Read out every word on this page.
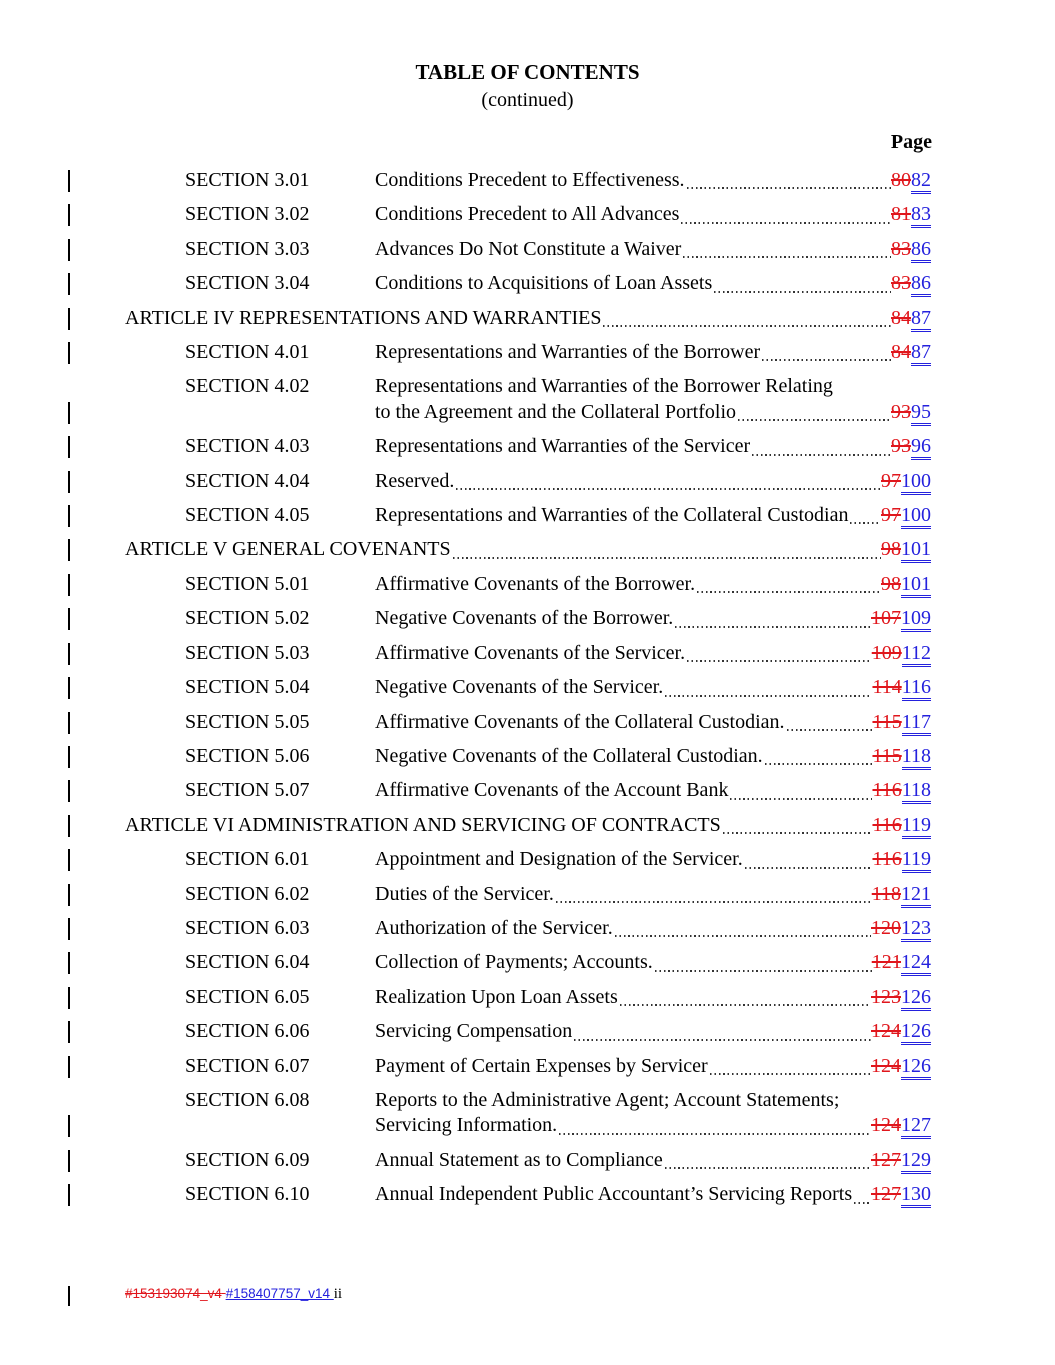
TABLE OF CONTENTS
(continued)
Page
SECTION 3.01	Conditions Precedent to Effectiveness.	8082
SECTION 3.02	Conditions Precedent to All Advances	8183
SECTION 3.03	Advances Do Not Constitute a Waiver	8386
SECTION 3.04	Conditions to Acquisitions of Loan Assets	8386
ARTICLE IV REPRESENTATIONS AND WARRANTIES	8487
SECTION 4.01	Representations and Warranties of the Borrower	8487
SECTION 4.02	Representations and Warranties of the Borrower Relating
to the Agreement and the Collateral Portfolio	9395
SECTION 4.03	Representations and Warranties of the Servicer	9396
SECTION 4.04	Reserved.	97100
SECTION 4.05	Representations and Warranties of the Collateral Custodian 97100
ARTICLE V GENERAL COVENANTS	98101
SECTION 5.01	Affirmative Covenants of the Borrower.	98101
SECTION 5.02	Negative Covenants of the Borrower.	107109
SECTION 5.03	Affirmative Covenants of the Servicer.	109112
SECTION 5.04	Negative Covenants of the Servicer.	114116
SECTION 5.05	Affirmative Covenants of the Collateral Custodian.	115117
SECTION 5.06	Negative Covenants of the Collateral Custodian.	115118
SECTION 5.07	Affirmative Covenants of the Account Bank	116118
ARTICLE VI ADMINISTRATION AND SERVICING OF CONTRACTS	116119
SECTION 6.01	Appointment and Designation of the Servicer.	116119
SECTION 6.02	Duties of the Servicer.	118121
SECTION 6.03	Authorization of the Servicer.	120123
SECTION 6.04	Collection of Payments; Accounts.	121124
SECTION 6.05	Realization Upon Loan Assets	123126
SECTION 6.06	Servicing Compensation	124126
SECTION 6.07	Payment of Certain Expenses by Servicer	124126
SECTION 6.08	Reports to the Administrative Agent; Account Statements;
Servicing Information.	124127
SECTION 6.09	Annual Statement as to Compliance	127129
SECTION 6.10	Annual Independent Public Accountant’s Servicing Reports 127130
#153193074_v4 #158407757_v14 ii
